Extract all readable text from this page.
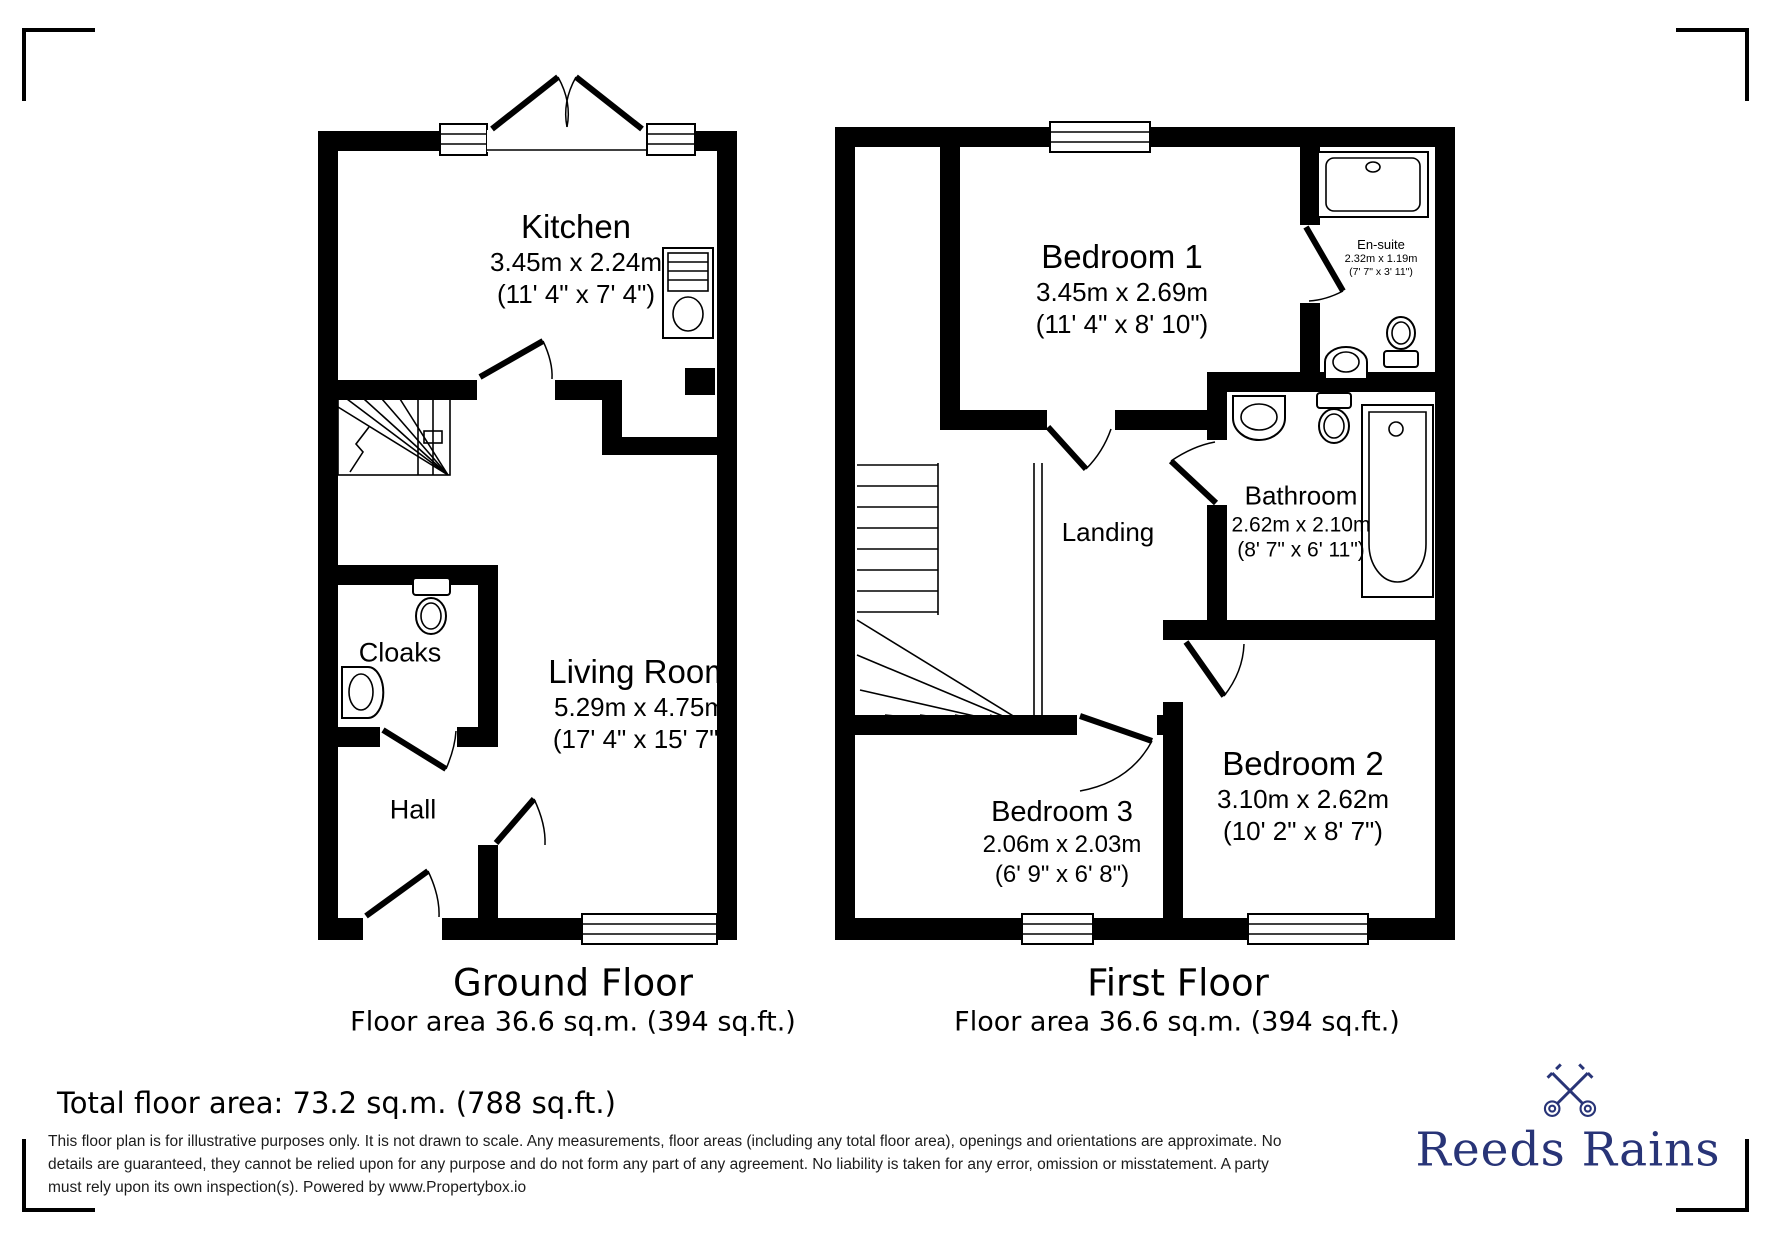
Kitchen
3.45m x 2.24m
(11' 4" x 7' 4")
Cloaks
Hall
Living Room
5.29m x 4.75m
(17' 4" x 15' 7")
Bedroom 1
3.45m x 2.69m
(11' 4" x 8' 10")
En-suite
2.32m x 1.19m
(7' 7" x 3' 11")
Bathroom
2.62m x 2.10m
(8' 7" x 6' 11")
Landing
Bedroom 2
3.10m x 2.62m
(10' 2" x 8' 7")
Bedroom 3
2.06m x 2.03m
(6' 9" x 6' 8")
Ground Floor
Floor area 36.6 sq.m. (394 sq.ft.)
First Floor
Floor area 36.6 sq.m. (394 sq.ft.)
Total floor area: 73.2 sq.m. (788 sq.ft.)
This floor plan is for illustrative purposes only. It is not drawn to scale. Any measurements, floor areas (including any total floor area), openings and orientations are approximate. No
details are guaranteed, they cannot be relied upon for any purpose and do not form any part of any agreement. No liability is taken for any error, omission or misstatement. A party
must rely upon its own inspection(s). Powered by www.Propertybox.io
Reeds Rains
